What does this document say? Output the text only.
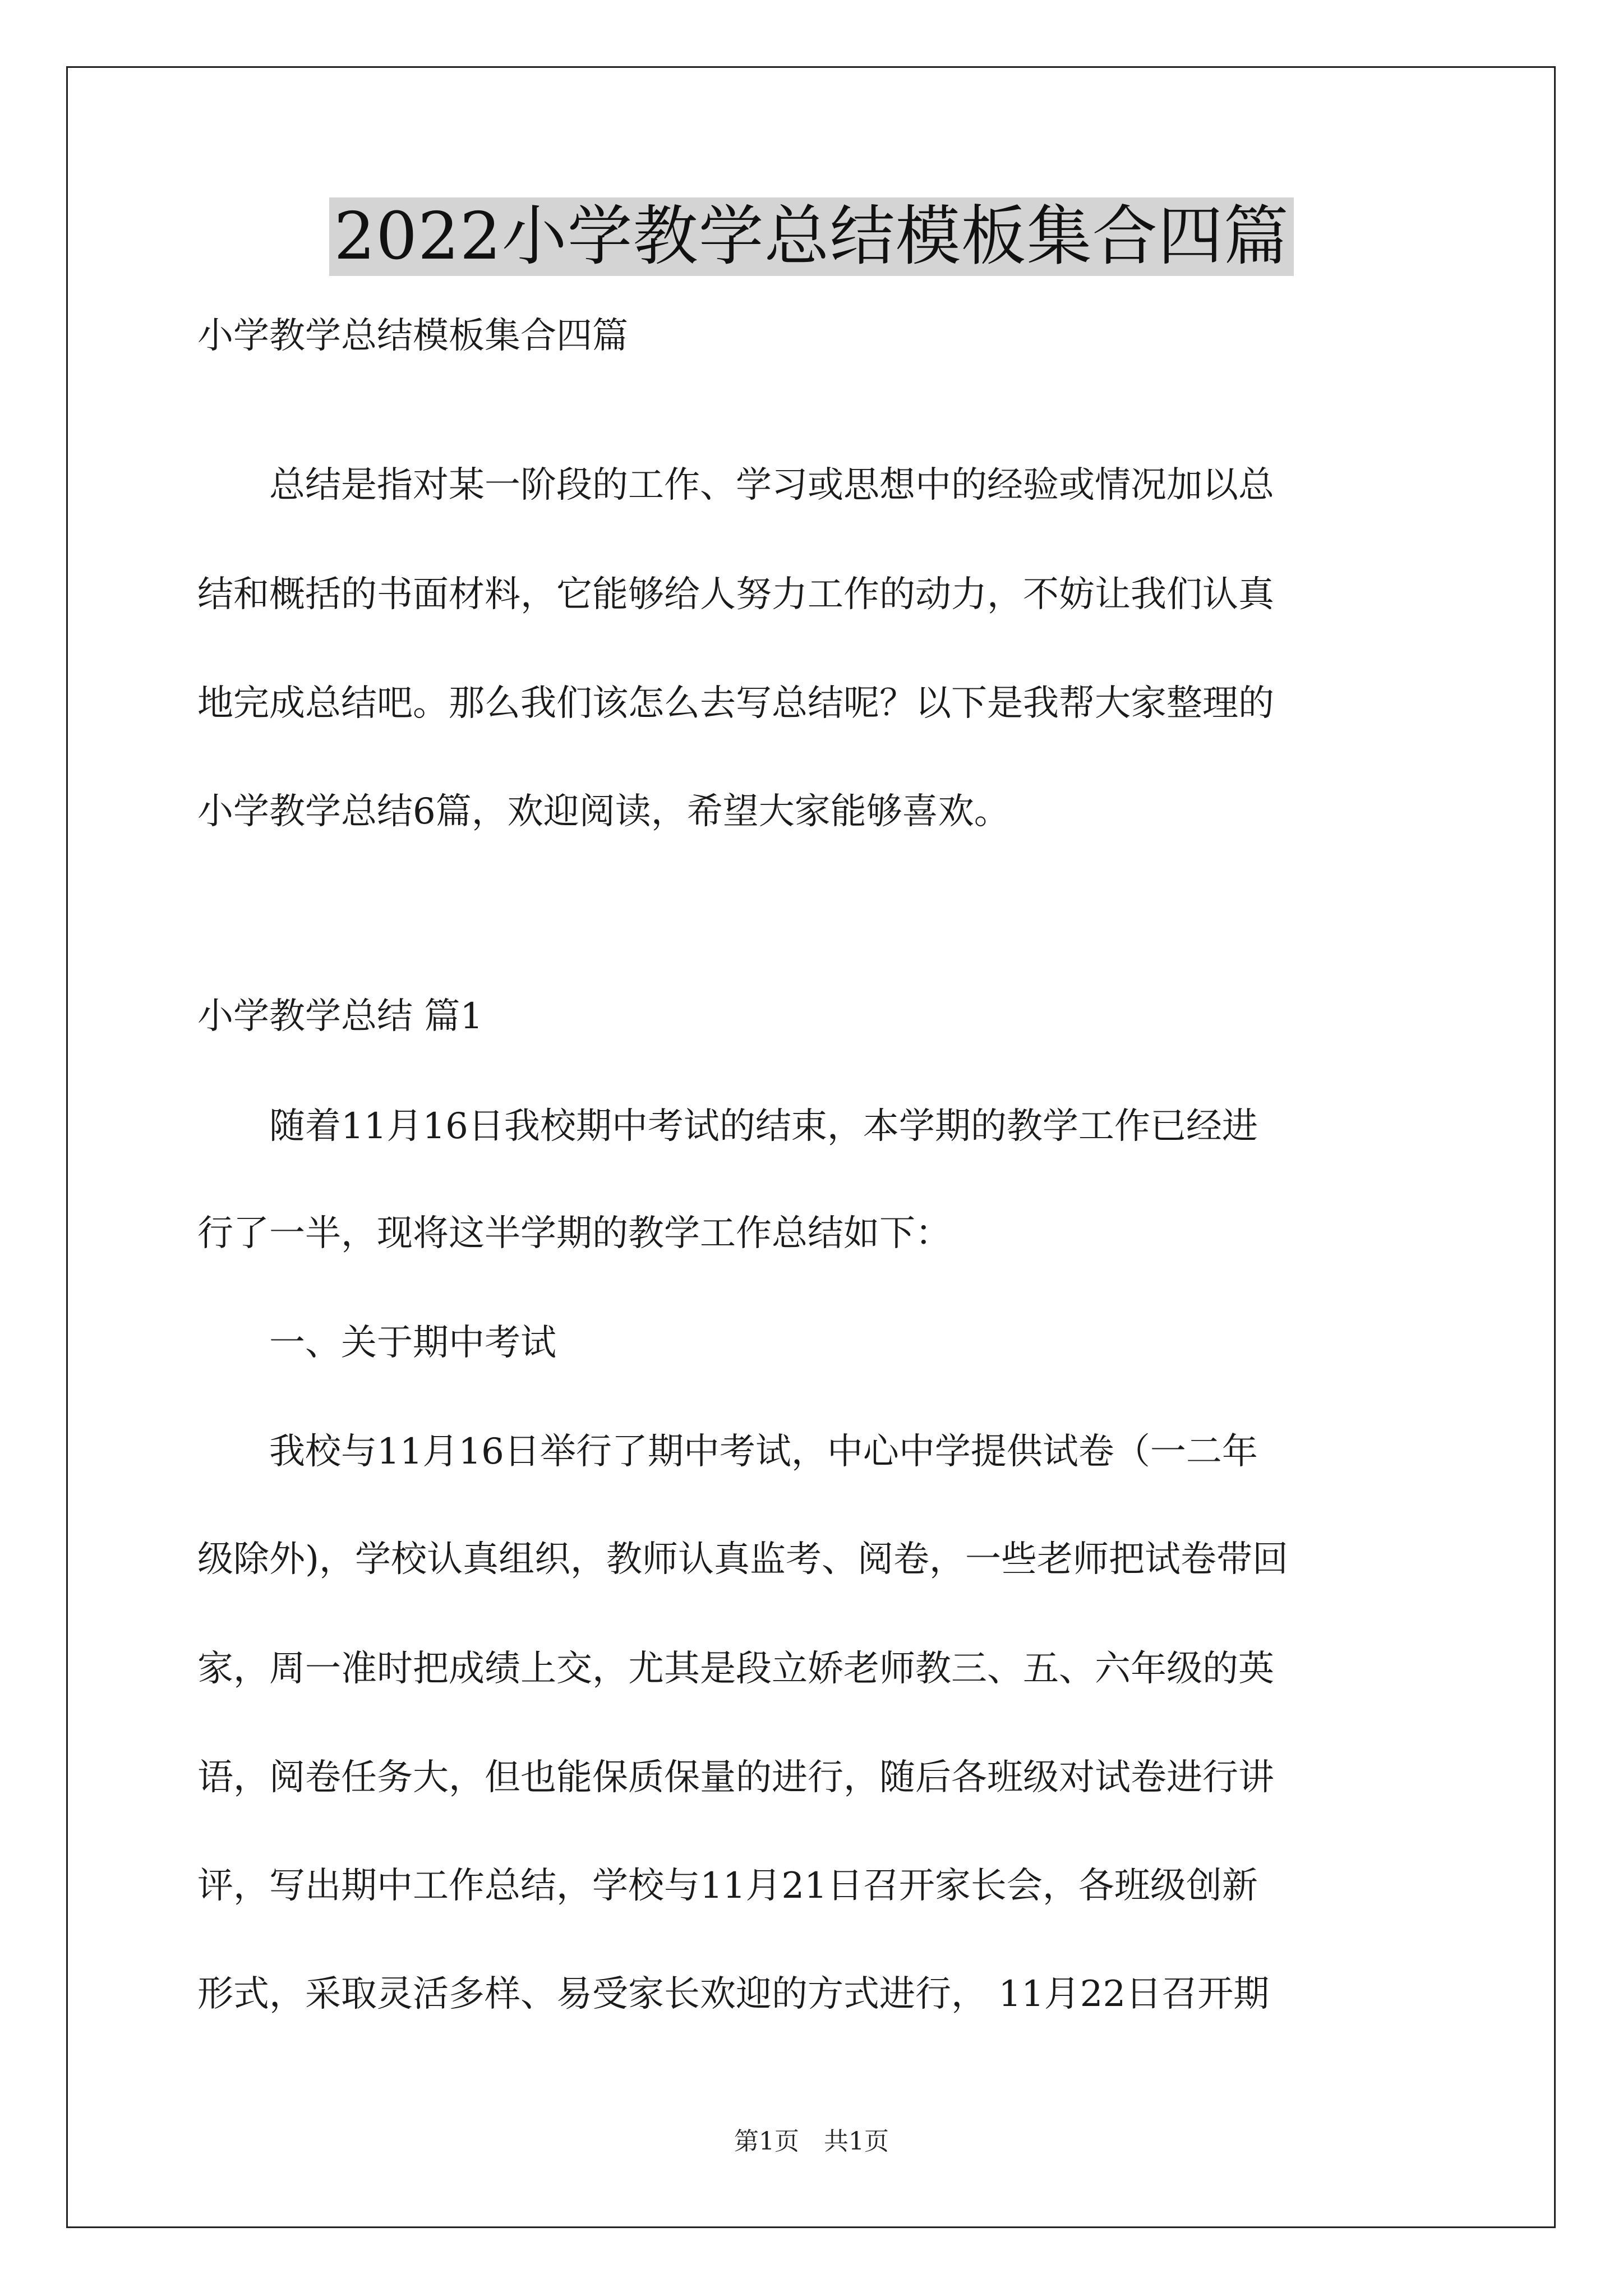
2022小学教学总结模板集合四篇
小学教学总结模板集合四篇
　　总结是指对某一阶段的工作、学习或思想中的经验或情况加以总
结和概括的书面材料，它能够给人努力工作的动力，不妨让我们认真
地完成总结吧。那么我们该怎么去写总结呢？以下是我帮大家整理的
小学教学总结6篇，欢迎阅读，希望大家能够喜欢。
小学教学总结 篇1
　　随着11月16日我校期中考试的结束，本学期的教学工作已经进
行了一半，现将这半学期的教学工作总结如下：
　　一、关于期中考试
　　我校与11月16日举行了期中考试，中心中学提供试卷（一二年
级除外)，学校认真组织，教师认真监考、阅卷，一些老师把试卷带回
家，周一准时把成绩上交，尤其是段立娇老师教三、五、六年级的英
语，阅卷任务大，但也能保质保量的进行，随后各班级对试卷进行讲
评，写出期中工作总结，学校与11月21日召开家长会，各班级创新
形式，采取灵活多样、易受家长欢迎的方式进行， 11月22日召开期
第1页 共1页
